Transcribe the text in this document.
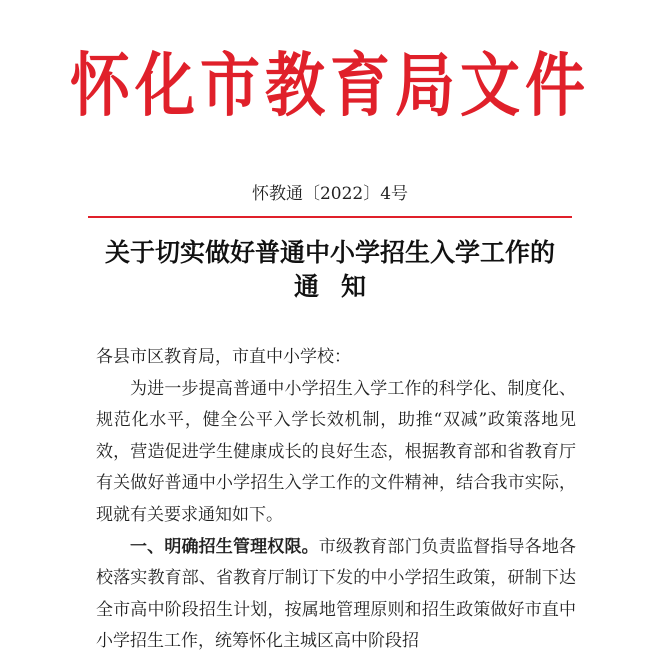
怀化市教育局文件
怀教通〔2022〕4号
关于切实做好普通中小学招生入学工作的
通知

各县市区教育局，市直中小学校：

为进一步提高普通中小学招生入学工作的科学化、制度化、规范化水平，健全公平入学长效机制，助推“双减”政策落地见效，营造促进学生健康成长的良好生态，根据教育部和省教育厅有关做好普通中小学招生入学工作的文件精神，结合我市实际，现就有关要求通知如下。

一、明确招生管理权限。市级教育部门负责监督指导各地各校落实教育部、省教育厅制订下发的中小学招生政策，研制下达全市高中阶段招生计划，按属地管理原则和招生政策做好市直中小学招生工作，统筹怀化主城区高中阶段招
